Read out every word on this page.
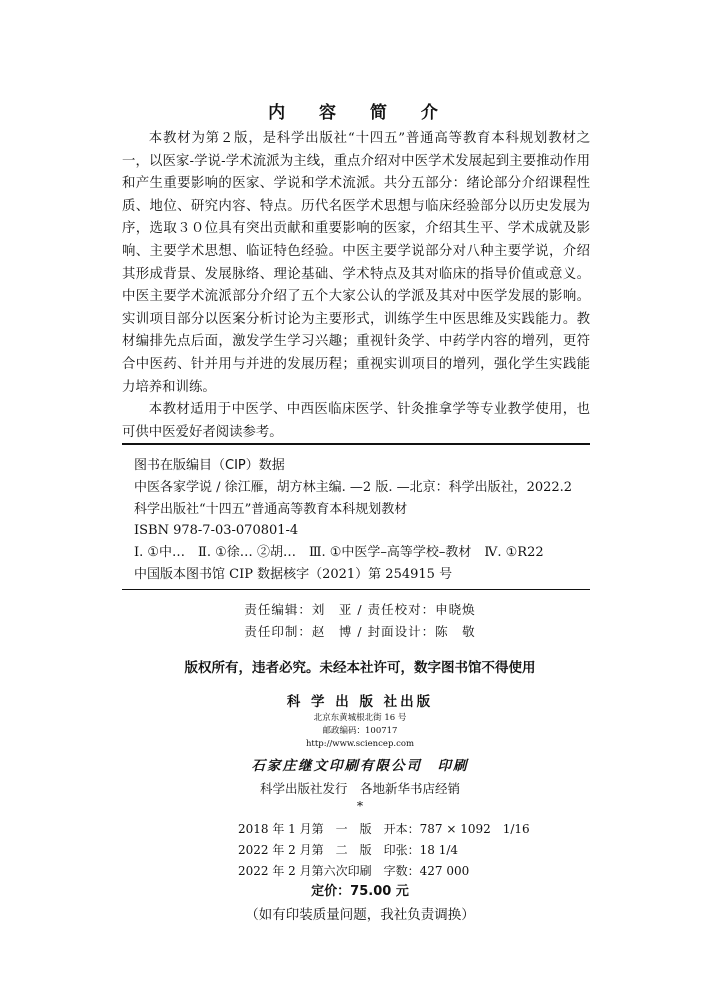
内 容 简 介

本教材为第２版，是科学出版社“十四五”普通高等教育本科规划教材之一，以医家-学说-学术流派为主线，重点介绍对中医学术发展起到主要推动作用和产生重要影响的医家、学说和学术流派。共分五部分：绪论部分介绍课程性质、地位、研究内容、特点。历代名医学术思想与临床经验部分以历史发展为序，选取３０位具有突出贡献和重要影响的医家，介绍其生平、学术成就及影响、主要学术思想、临证特色经验。中医主要学说部分对八种主要学说，介绍其形成背景、发展脉络、理论基础、学术特点及其对临床的指导价值或意义。中医主要学术流派部分介绍了五个大家公认的学派及其对中医学发展的影响。实训项目部分以医案分析讨论为主要形式，训练学生中医思维及实践能力。教材编排先点后面，激发学生学习兴趣；重视针灸学、中药学内容的增列，更符合中医药、针并用与并进的发展历程；重视实训项目的增列，强化学生实践能力培养和训练。

本教材适用于中医学、中西医临床医学、针灸推拿学等专业教学使用，也可供中医爱好者阅读参考。

图书在版编目（CIP）数据
中医各家学说 / 徐江雁，胡方林主编. —2 版. —北京：科学出版社，2022.2
科学出版社“十四五”普通高等教育本科规划教材
ISBN 978-7-03-070801-4
Ⅰ. ①中…　Ⅱ. ①徐… ②胡…　Ⅲ. ①中医学–高等学校–教材　Ⅳ. ①R22
中国版本图书馆 CIP 数据核字（2021）第 254915 号
责任编辑：刘　亚 / 责任校对：申晓焕
责任印制：赵　博 / 封面设计：陈　敬
版权所有，违者必究。未经本社许可，数字图书馆不得使用
科 学 出 版 社出版
北京东黄城根北街 16 号
邮政编码：100717
http://www.sciencep.com
石家庄继文印刷有限公司　印刷
科学出版社发行　各地新华书店经销
*
2018 年 1 月第　一　版　开本：787 × 1092　1/16
2022 年 2 月第　二　版　印张：18 1/4
2022 年 2 月第六次印刷　字数：427 000
定价：75.00 元
（如有印装质量问题，我社负责调换）
